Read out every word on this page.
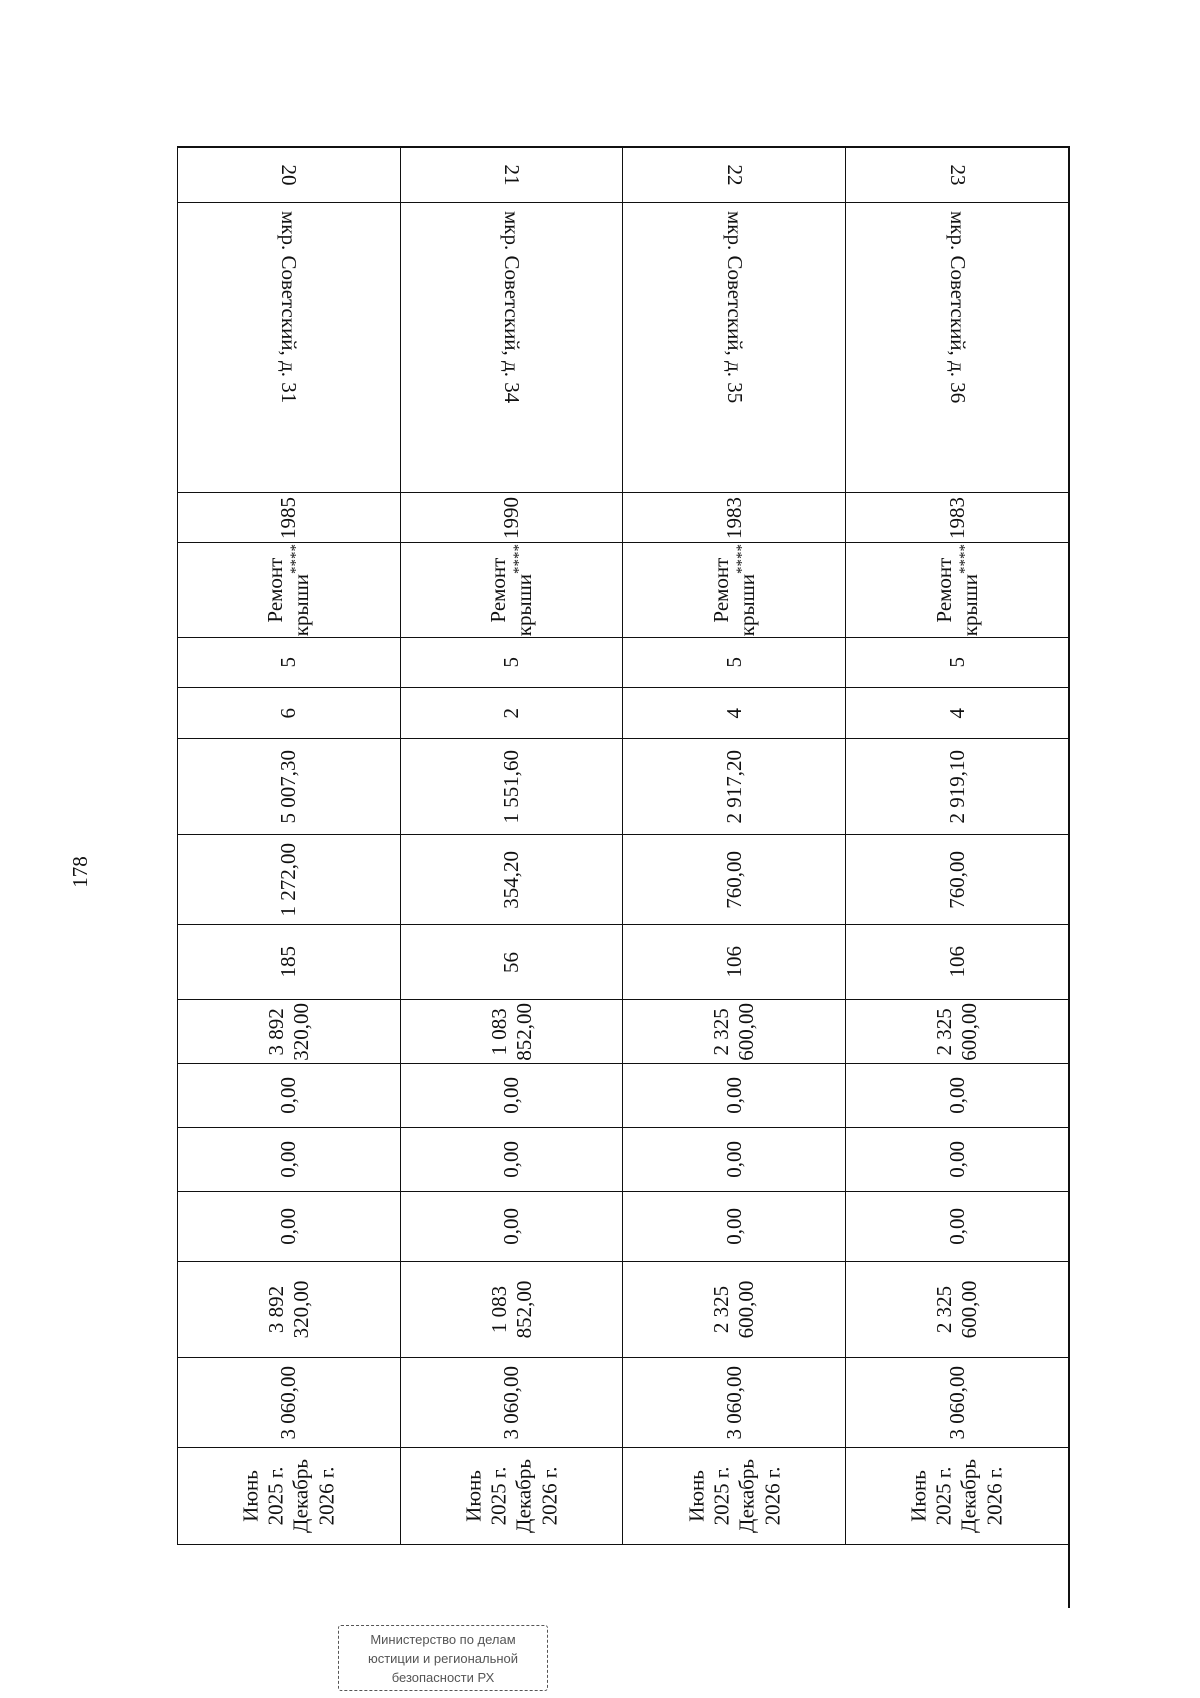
178
23
мкр. Советский, д. 36
1983
Ремонт крыши****
5
4
2 919,10
760,00
106
2 325 600,00
0,00
0,00
0,00
2 325 600,00
3 060,00
Июнь 2025 г. Декабрь 2026 г.
22
мкр. Советский, д. 35
1983
Ремонт крыши****
5
4
2 917,20
760,00
106
2 325 600,00
0,00
0,00
0,00
2 325 600,00
3 060,00
Июнь 2025 г. Декабрь 2026 г.
21
мкр. Советский, д. 34
1990
Ремонт крыши****
5
2
1 551,60
354,20
56
1 083 852,00
0,00
0,00
0,00
1 083 852,00
3 060,00
Июнь 2025 г. Декабрь 2026 г.
20
мкр. Советский, д. 31
1985
Ремонт крыши****
5
6
5 007,30
1 272,00
185
3 892 320,00
0,00
0,00
0,00
3 892 320,00
3 060,00
Июнь 2025 г. Декабрь 2026 г.
Министерство по делам
юстиции и региональной
безопасности РХ
